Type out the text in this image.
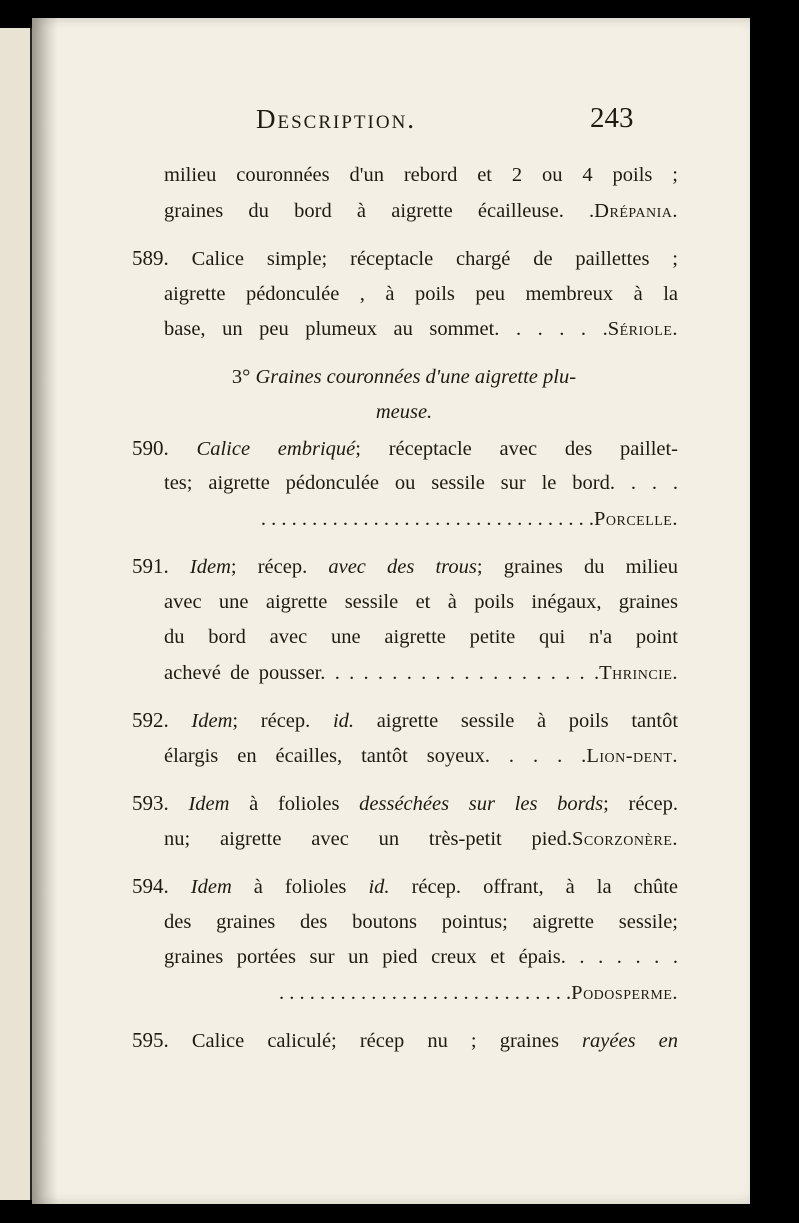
Description.	243
milieu couronnées d'un rebord et 2 ou 4 poils ;
graines du bord à aigrette écailleuse. .Drépania.
589. Calice simple; réceptacle chargé de paillettes ;
aigrette pédonculée , à poils peu membreux à la
base, un peu plumeux au sommet. . . . . .Sériole.
3° Graines couronnées d'une aigrette plu-
meuse.
590. Calice embriqué; réceptacle avec des paillet-
tes; aigrette pédonculée ou sessile sur le bord. . . .
. . . . . . . . . . . . . . . . . . . . . . . . . . . . . . . . .Porcelle.
591. Idem; récep. avec des trous; graines du milieu
avec une aigrette sessile et à poils inégaux, graines
du bord avec une aigrette petite qui n'a point
achevé de pousser. . . . . . . . . . . . . . . . . . . .Thrincie.
592. Idem; récep. id. aigrette sessile à poils tantôt
élargis en écailles, tantôt soyeux. . . . .Lion-dent.
593. Idem à folioles desséchées sur les bords; récep.
nu; aigrette avec un très-petit pied.Scorzonère.
594. Idem à folioles id. récep. offrant, à la chûte
des graines des boutons pointus; aigrette sessile;
graines portées sur un pied creux et épais. . . . . . .
. . . . . . . . . . . . . . . . . . . . . . . . . . . . .Podosperme.
595. Calice caliculé; récep nu ; graines rayées en
